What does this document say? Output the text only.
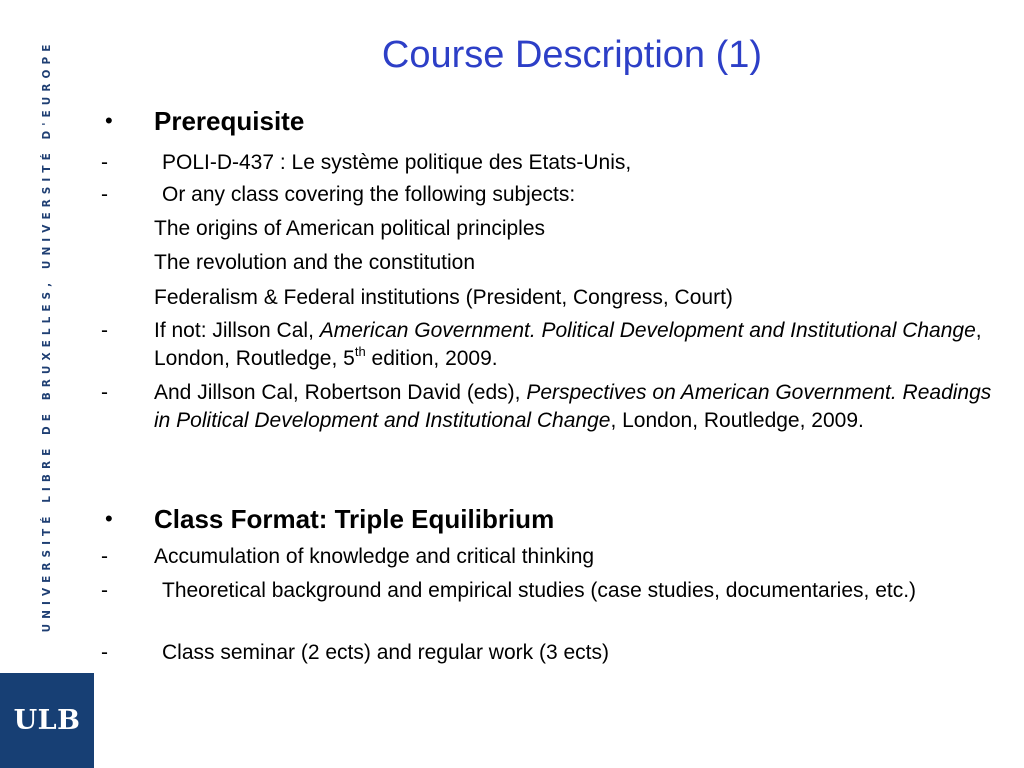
UNIVERSITÉ LIBRE DE BRUXELLES, UNIVERSITÉ D'EUROPE
ULB
Course Description (1)
• Prerequisite
-	POLI-D-437 : Le système politique des Etats-Unis,
-	Or any class covering the following subjects:
The origins of American political principles
The revolution and the constitution
Federalism & Federal institutions (President, Congress, Court)
- If not: Jillson Cal, American Government. Political Development and Institutional Change, London, Routledge, 5th edition, 2009.
- And Jillson Cal, Robertson David (eds), Perspectives on American Government. Readings in Political Development and Institutional Change, London, Routledge, 2009.
• Class Format: Triple Equilibrium
- Accumulation of knowledge and critical thinking
-	Theoretical background and empirical studies (case studies, documentaries, etc.)
-	Class seminar (2 ects) and regular work (3 ects)
